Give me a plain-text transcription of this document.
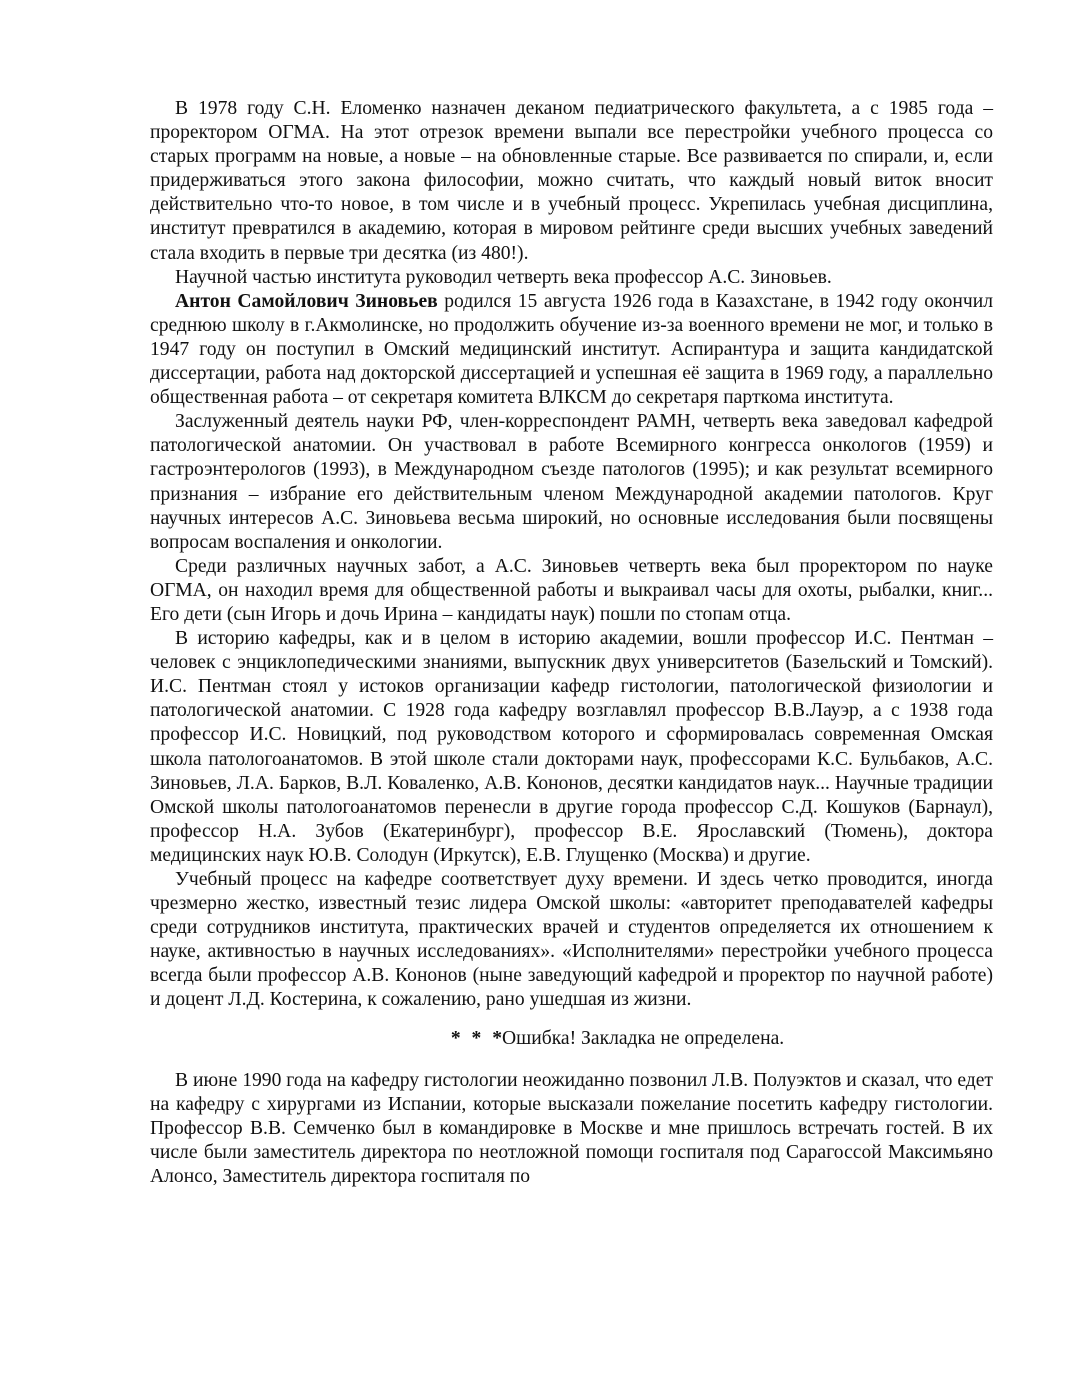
В 1978 году С.Н. Еломенко назначен деканом педиатрического факультета, а с 1985 года – проректором ОГМА. На этот отрезок времени выпали все перестройки учебного процесса со старых программ на новые, а новые – на обновленные старые. Все развивается по спирали, и, если придерживаться этого закона философии, можно считать, что каждый новый виток вносит действительно что-то новое, в том числе и в учебный процесс. Укрепилась учебная дисциплина, институт превратился в академию, которая в мировом рейтинге среди высших учебных заведений стала входить в первые три десятка (из 480!).

Научной частью института руководил четверть века профессор А.С. Зиновьев.

Антон Самойлович Зиновьев родился 15 августа 1926 года в Казахстане, в 1942 году окончил среднюю школу в г.Акмолинске, но продолжить обучение из-за военного времени не мог, и только в 1947 году он поступил в Омский медицинский институт. Аспирантура и защита кандидатской диссертации, работа над докторской диссертацией и успешная её защита в 1969 году, а параллельно общественная работа – от секретаря комитета ВЛКСМ до секретаря парткома института.

Заслуженный деятель науки РФ, член-корреспондент РАМН, четверть века заведовал кафедрой патологической анатомии. Он участвовал в работе Всемирного конгресса онкологов (1959) и гастроэнтерологов (1993), в Международном съезде патологов (1995); и как результат всемирного признания – избрание его действительным членом Международной академии патологов. Круг научных интересов А.С. Зиновьева весьма широкий, но основные исследования были посвящены вопросам воспаления и онкологии.

Среди различных научных забот, а А.С. Зиновьев четверть века был проректором по науке ОГМА, он находил время для общественной работы и выкраивал часы для охоты, рыбалки, книг... Его дети (сын Игорь и дочь Ирина – кандидаты наук) пошли по стопам отца.

В историю кафедры, как и в целом в историю академии, вошли профессор И.С. Пентман – человек с энциклопедическими знаниями, выпускник двух университетов (Базельский и Томский). И.С. Пентман стоял у истоков организации кафедр гистологии, патологической физиологии и патологической анатомии. С 1928 года кафедру возглавлял профессор В.В.Лауэр, а с 1938 года профессор И.С. Новицкий, под руководством которого и сформировалась современная Омская школа патологоанатомов. В этой школе стали докторами наук, профессорами К.С. Бульбаков, А.С. Зиновьев, Л.А. Барков, В.Л. Коваленко, А.В. Кононов, десятки кандидатов наук... Научные традиции Омской школы патологоанатомов перенесли в другие города профессор С.Д. Кошуков (Барнаул), профессор Н.А. Зубов (Екатеринбург), профессор В.Е. Ярославский (Тюмень), доктора медицинских наук Ю.В. Солодун (Иркутск), Е.В. Глущенко (Москва) и другие.

Учебный процесс на кафедре соответствует духу времени. И здесь четко проводится, иногда чрезмерно жестко, известный тезис лидера Омской школы: «авторитет преподавателей кафедры среди сотрудников института, практических врачей и студентов определяется их отношением к науке, активностью в научных исследованиях». «Исполнителями» перестройки учебного процесса всегда были профессор А.В. Кононов (ныне заведующий кафедрой и проректор по научной работе) и доцент Л.Д. Костерина, к сожалению, рано ушедшая из жизни.

* * *Ошибка! Закладка не определена.

В июне 1990 года на кафедру гистологии неожиданно позвонил Л.В. Полуэктов и сказал, что едет на кафедру с хирургами из Испании, которые высказали пожелание посетить кафедру гистологии. Профессор В.В. Семченко был в командировке в Москве и мне пришлось встречать гостей. В их числе были заместитель директора по неотложной помощи госпиталя под Сарагоссой Максимьяно Алонсо, Заместитель директора госпиталя по
